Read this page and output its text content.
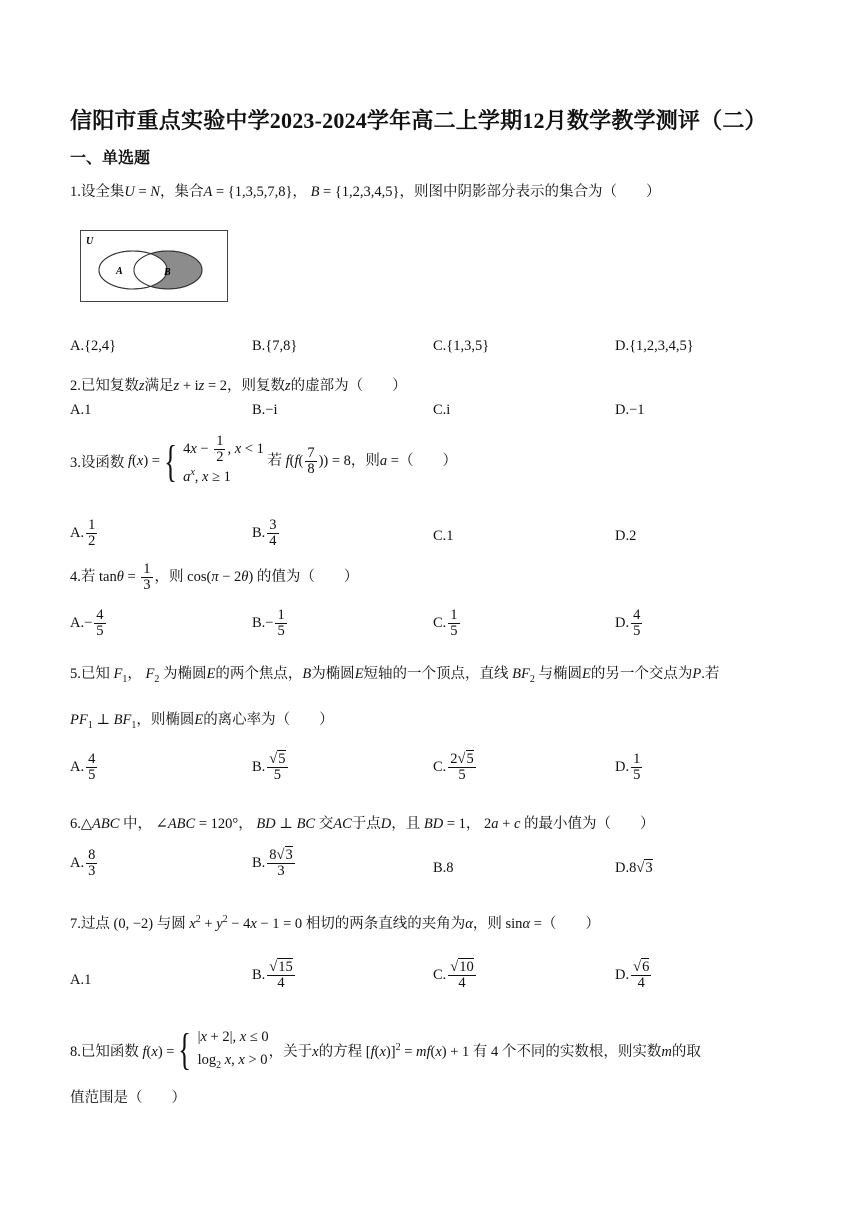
信阳市重点实验中学2023-2024学年高二上学期12月数学教学测评（二）
一、单选题
1.设全集U = N，集合A = {1,3,5,7,8}， B = {1,2,3,4,5}，则图中阴影部分表示的集合为（　　）
U
A	B
A.{2,4}	B.{7,8}	C.{1,3,5}	D.{1,2,3,4,5}
2.已知复数z满足z + iz = 2，则复数z的虚部为（　　）
A.1	B.−i	C.i	D.−1
3.设函数
f ( x ) = { $4x - \frac{1}{2}$ , x < 1
$a^x$, x ≥ 1
若 $f(f( \frac{7}{8}$ )) = 8，则a =（　　）
A. $\frac{1}{2}$	B. $\frac{3}{4}$	C.1	D.2
4.若 $\tan\theta = \frac{1}{3}$ ，则 cos(π − 2θ) 的值为（　　）
$A.- \frac{4}{5}$	$B.- \frac{1}{5}$	C. $\frac{1}{5}$	D. $\frac{4}{5}$
5.已知 $F_1$， $F_2$ 为椭圆E的两个焦点，B为椭圆E短轴的一个顶点，直线 $BF_2$ 与椭圆E的另一个交点为P.若
$PF_1$ ⊥ $BF_1$，则椭圆E的离心率为（　　）
A. $\frac{4}{5}$	B. $\frac{√5}{5}$	C. $\frac{2√5}{5}$	D. $\frac{1}{5}$
6.△ABC 中， ∠ABC = 120°， BD ⊥ BC 交AC于点D，且 BD = 1， 2a + c 的最小值为（　　）
A. $\frac{8}{3}$	B. $\frac{8√3}{3}$	B.8	D.8√3
7.过点 (0, −2) 与圆 $x^2 + y^2 - 4x - 1 = 0$ 相切的两条直线的夹角为α，则 sinα =（　　）
A.1	B. $\frac{√15}{4}$	C. $\frac{√10}{4}$	D. $\frac{√6}{4}$
8.已知函数 f(x) = { |x + 2|, x ≤ 0
$\log_2 x$, x > 0
，关于x的方程 $[f(x)]^2 = mf(x) + 1$ 有 4 个不同的实数根，则实数m的取
值范围是（　　）
